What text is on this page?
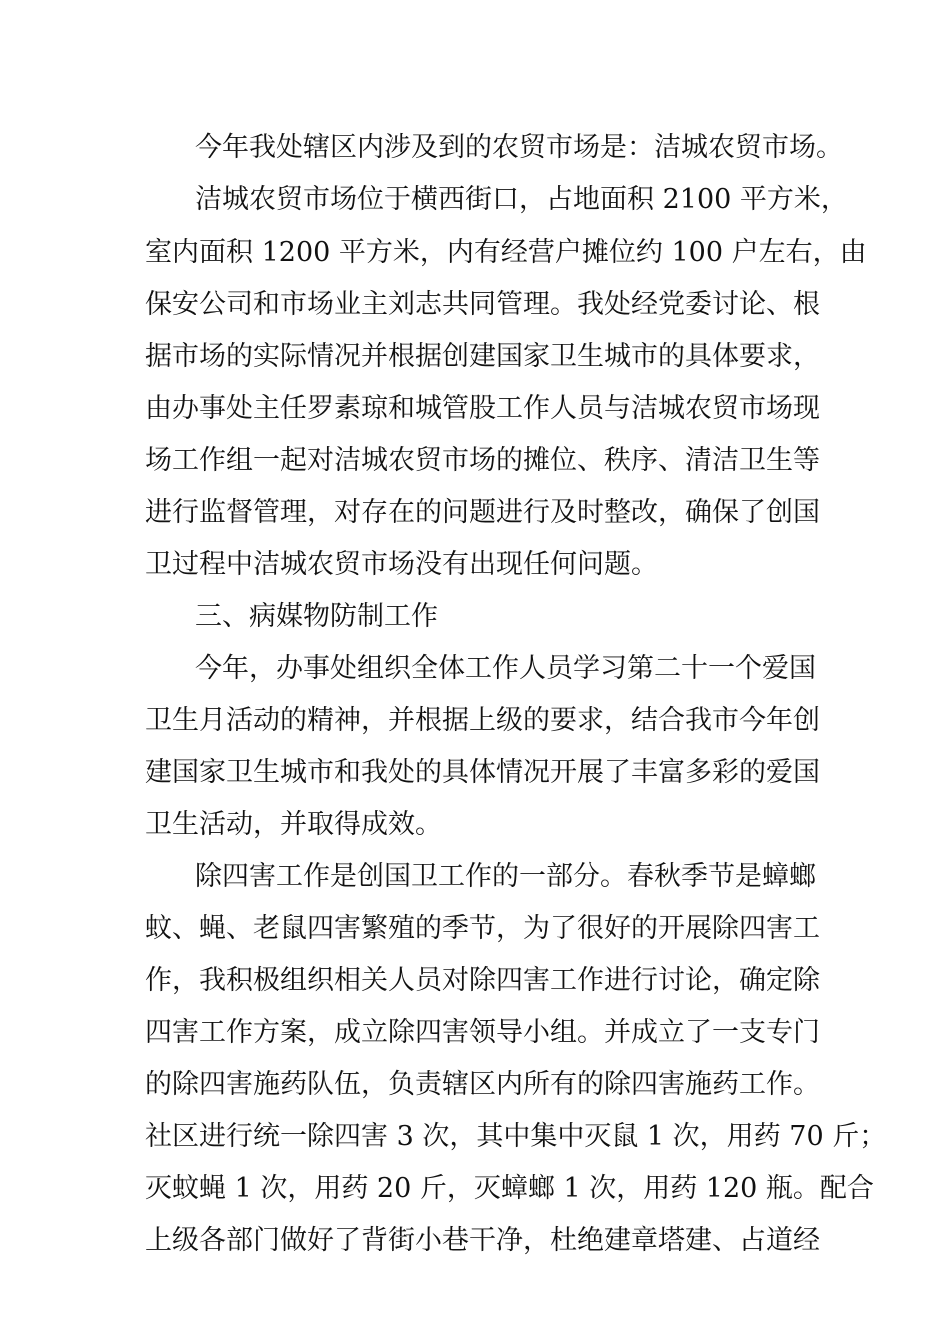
今年我处辖区内涉及到的农贸市场是：洁城农贸市场。
洁城农贸市场位于横西街口，占地面积 2100 平方米，
室内面积 1200 平方米，内有经营户摊位约 100 户左右，由
保安公司和市场业主刘志共同管理。我处经党委讨论、根
据市场的实际情况并根据创建国家卫生城市的具体要求，
由办事处主任罗素琼和城管股工作人员与洁城农贸市场现
场工作组一起对洁城农贸市场的摊位、秩序、清洁卫生等
进行监督管理，对存在的问题进行及时整改，确保了创国
卫过程中洁城农贸市场没有出现任何问题。
三、病媒物防制工作
今年，办事处组织全体工作人员学习第二十一个爱国
卫生月活动的精神，并根据上级的要求，结合我市今年创
建国家卫生城市和我处的具体情况开展了丰富多彩的爱国
卫生活动，并取得成效。
除四害工作是创国卫工作的一部分。春秋季节是蟑螂
蚊、蝇、老鼠四害繁殖的季节，为了很好的开展除四害工
作，我积极组织相关人员对除四害工作进行讨论，确定除
四害工作方案，成立除四害领导小组。并成立了一支专门
的除四害施药队伍，负责辖区内所有的除四害施药工作。
社区进行统一除四害 3 次，其中集中灭鼠 1 次，用药 70 斤；
灭蚊蝇 1 次，用药 20 斤，灭蟑螂 1 次，用药 120 瓶。配合
上级各部门做好了背街小巷干净，杜绝建章塔建、占道经
